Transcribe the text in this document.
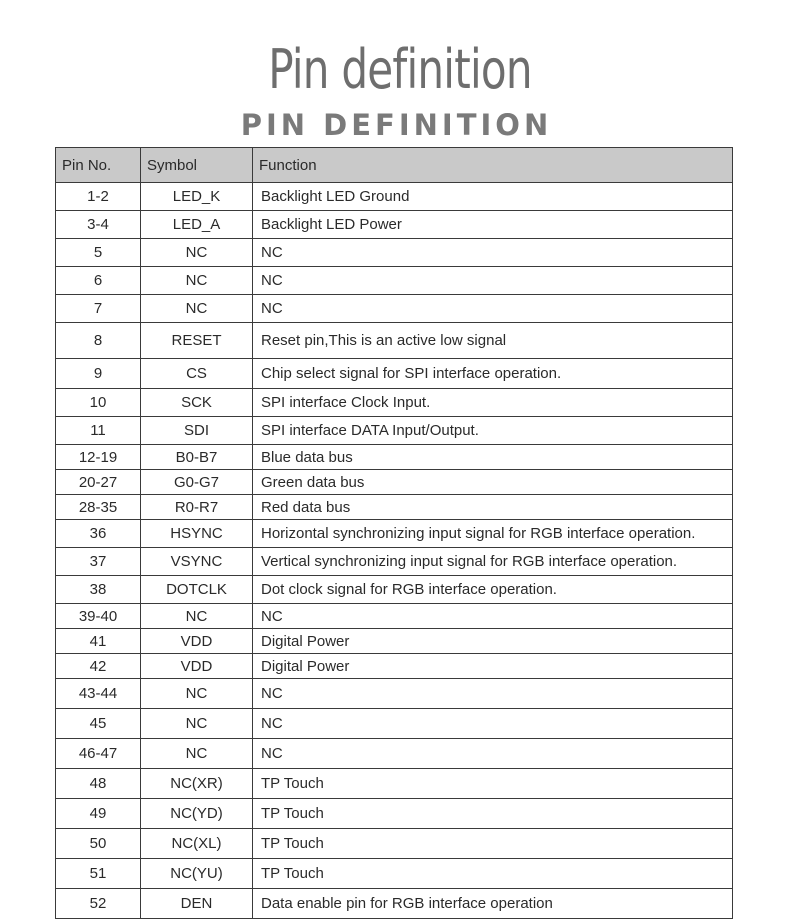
Pin definition
PIN DEFINITION
Pin No.	Symbol	Function
1-2	LED_K	Backlight LED Ground
3-4	LED_A	Backlight LED Power
5	NC	NC
6	NC	NC
7	NC	NC
8	RESET	Reset pin,This is an active low signal
9	CS	Chip select signal for SPI interface operation.
10	SCK	SPI interface Clock Input.
11	SDI	SPI interface DATA Input/Output.
12-19	B0-B7	Blue data bus
20-27	G0-G7	Green data bus
28-35	R0-R7	Red data bus
36	HSYNC	Horizontal synchronizing input signal for RGB interface operation.
37	VSYNC	Vertical synchronizing input signal for RGB interface operation.
38	DOTCLK	Dot clock signal for RGB interface operation.
39-40	NC	NC
41	VDD	Digital Power
42	VDD	Digital Power
43-44	NC	NC
45	NC	NC
46-47	NC	NC
48	NC(XR)	TP Touch
49	NC(YD)	TP Touch
50	NC(XL)	TP Touch
51	NC(YU)	TP Touch
52	DEN	Data enable pin for RGB interface operation
